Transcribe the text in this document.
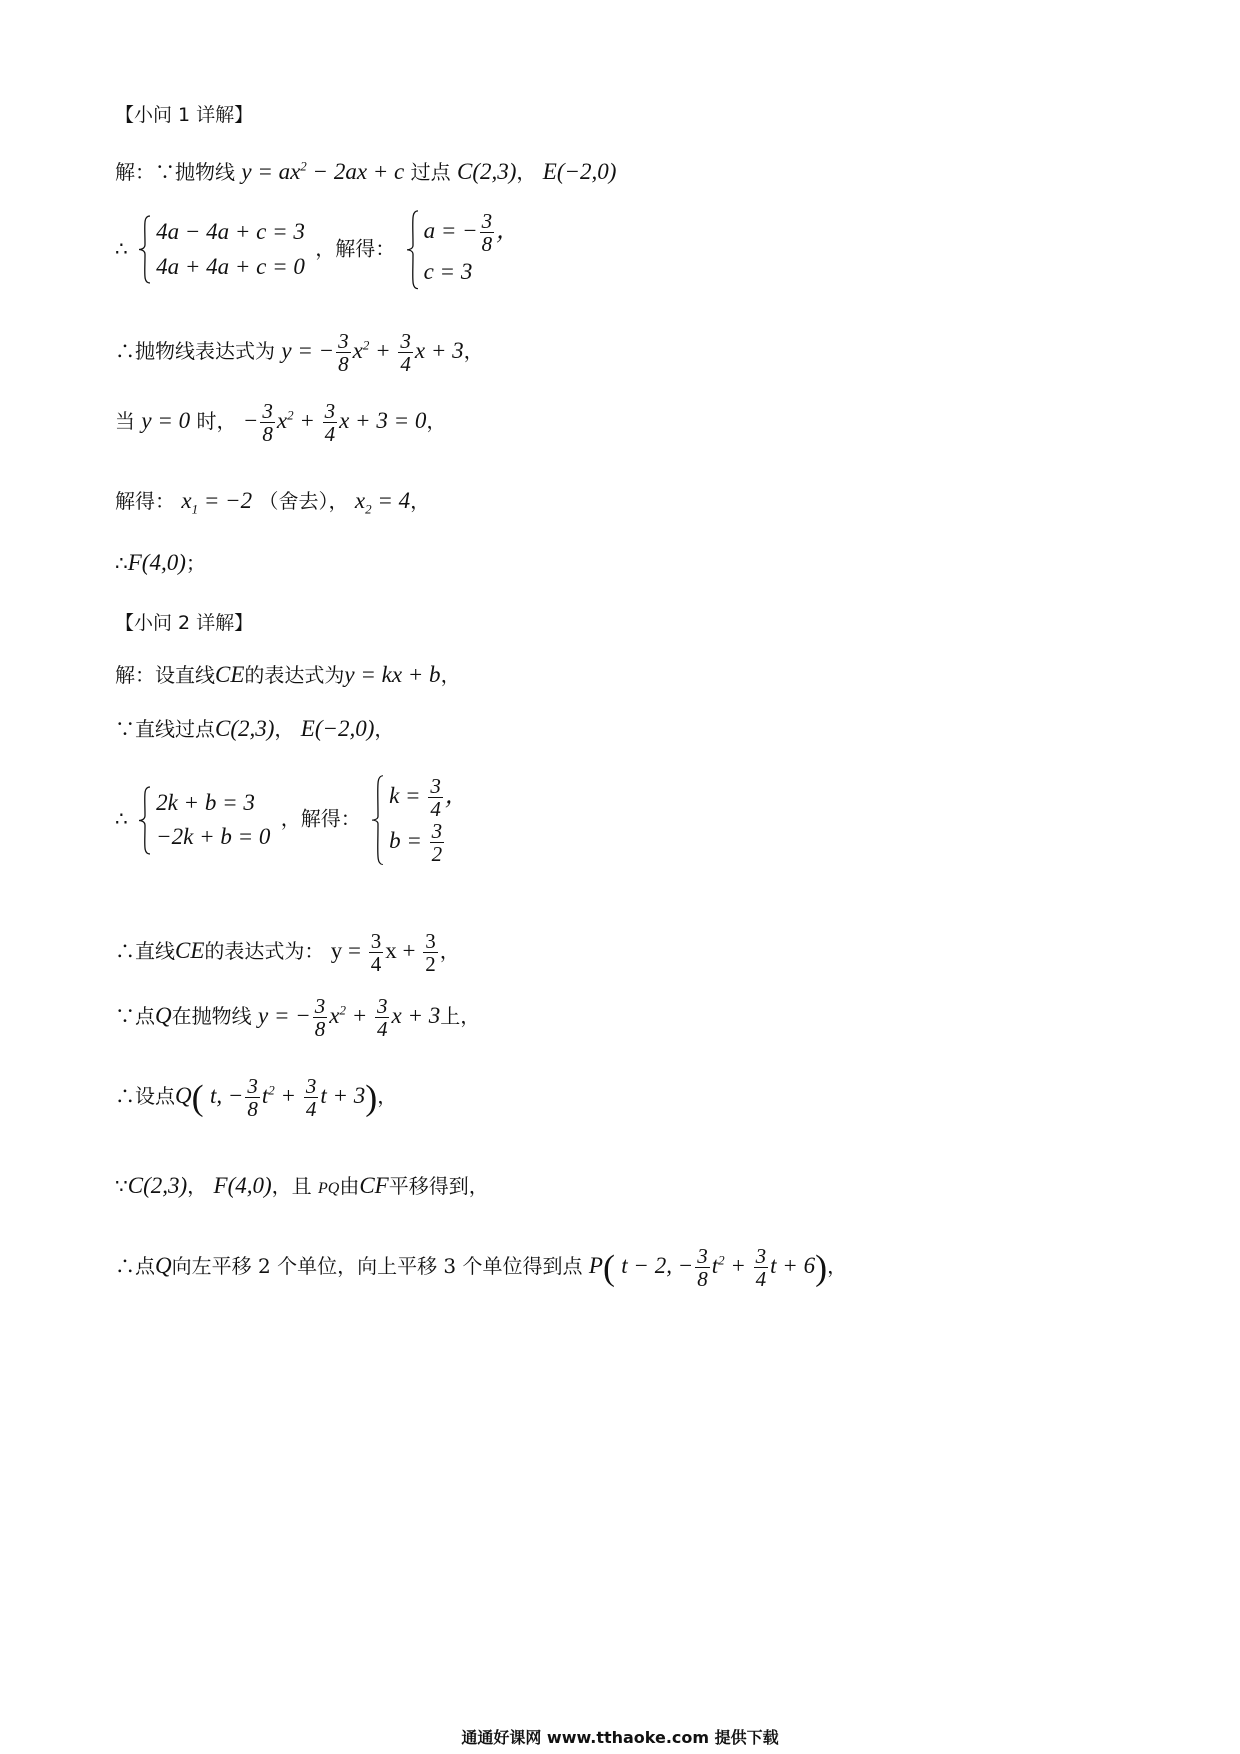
【小问 1 详解】
解：∵抛物线 $y = ax^2 - 2ax + c$ 过点 C(2,3)， E(−2,0)
∴
4a − 4a + c = 3
4a + 4a + c = 0
，解得：
a = − $\frac{3}{8}$ ，
c = 3
∴抛物线表达式为 y = − $\frac{3}{8} x^2 + \frac{3}{4}$ x + 3，
当 y = 0 时， − $\frac{3}{8} x^2 + \frac{3}{4}$ x + 3 = 0，
解得： $x_1 = -2$ （舍去）， $x_2 = 4$，
∴F(4,0)；
【小问 2 详解】
解：设直线CE的表达式为y = kx + b，
∵直线过点C(2,3)， E(−2,0)，
∴
2k + b = 3
−2k + b = 0
，解得：
$k = \frac{3}{4}$ ，
$b = \frac{3}{2}$
∴直线CE的表达式为： $y = \frac{3}{4}$ $x + \frac{3}{2}$ ，
∵点Q在抛物线 y = − $\frac{3}{8} x^2 + \frac{3}{4}$ x + 3上，
∴设点Q( t, − $\frac{3}{8} t^2 + \frac{3}{4}$ t + 3)，
∵C(2,3)， F(4,0)，且 PQ由CF平移得到，
∴点Q向左平移 2 个单位，向上平移 3 个单位得到点 P( t − 2, − $\frac{3}{8} t^2 + \frac{3}{4}$ t + 6)，
通通好课网 www.tthaoke.com 提供下载
